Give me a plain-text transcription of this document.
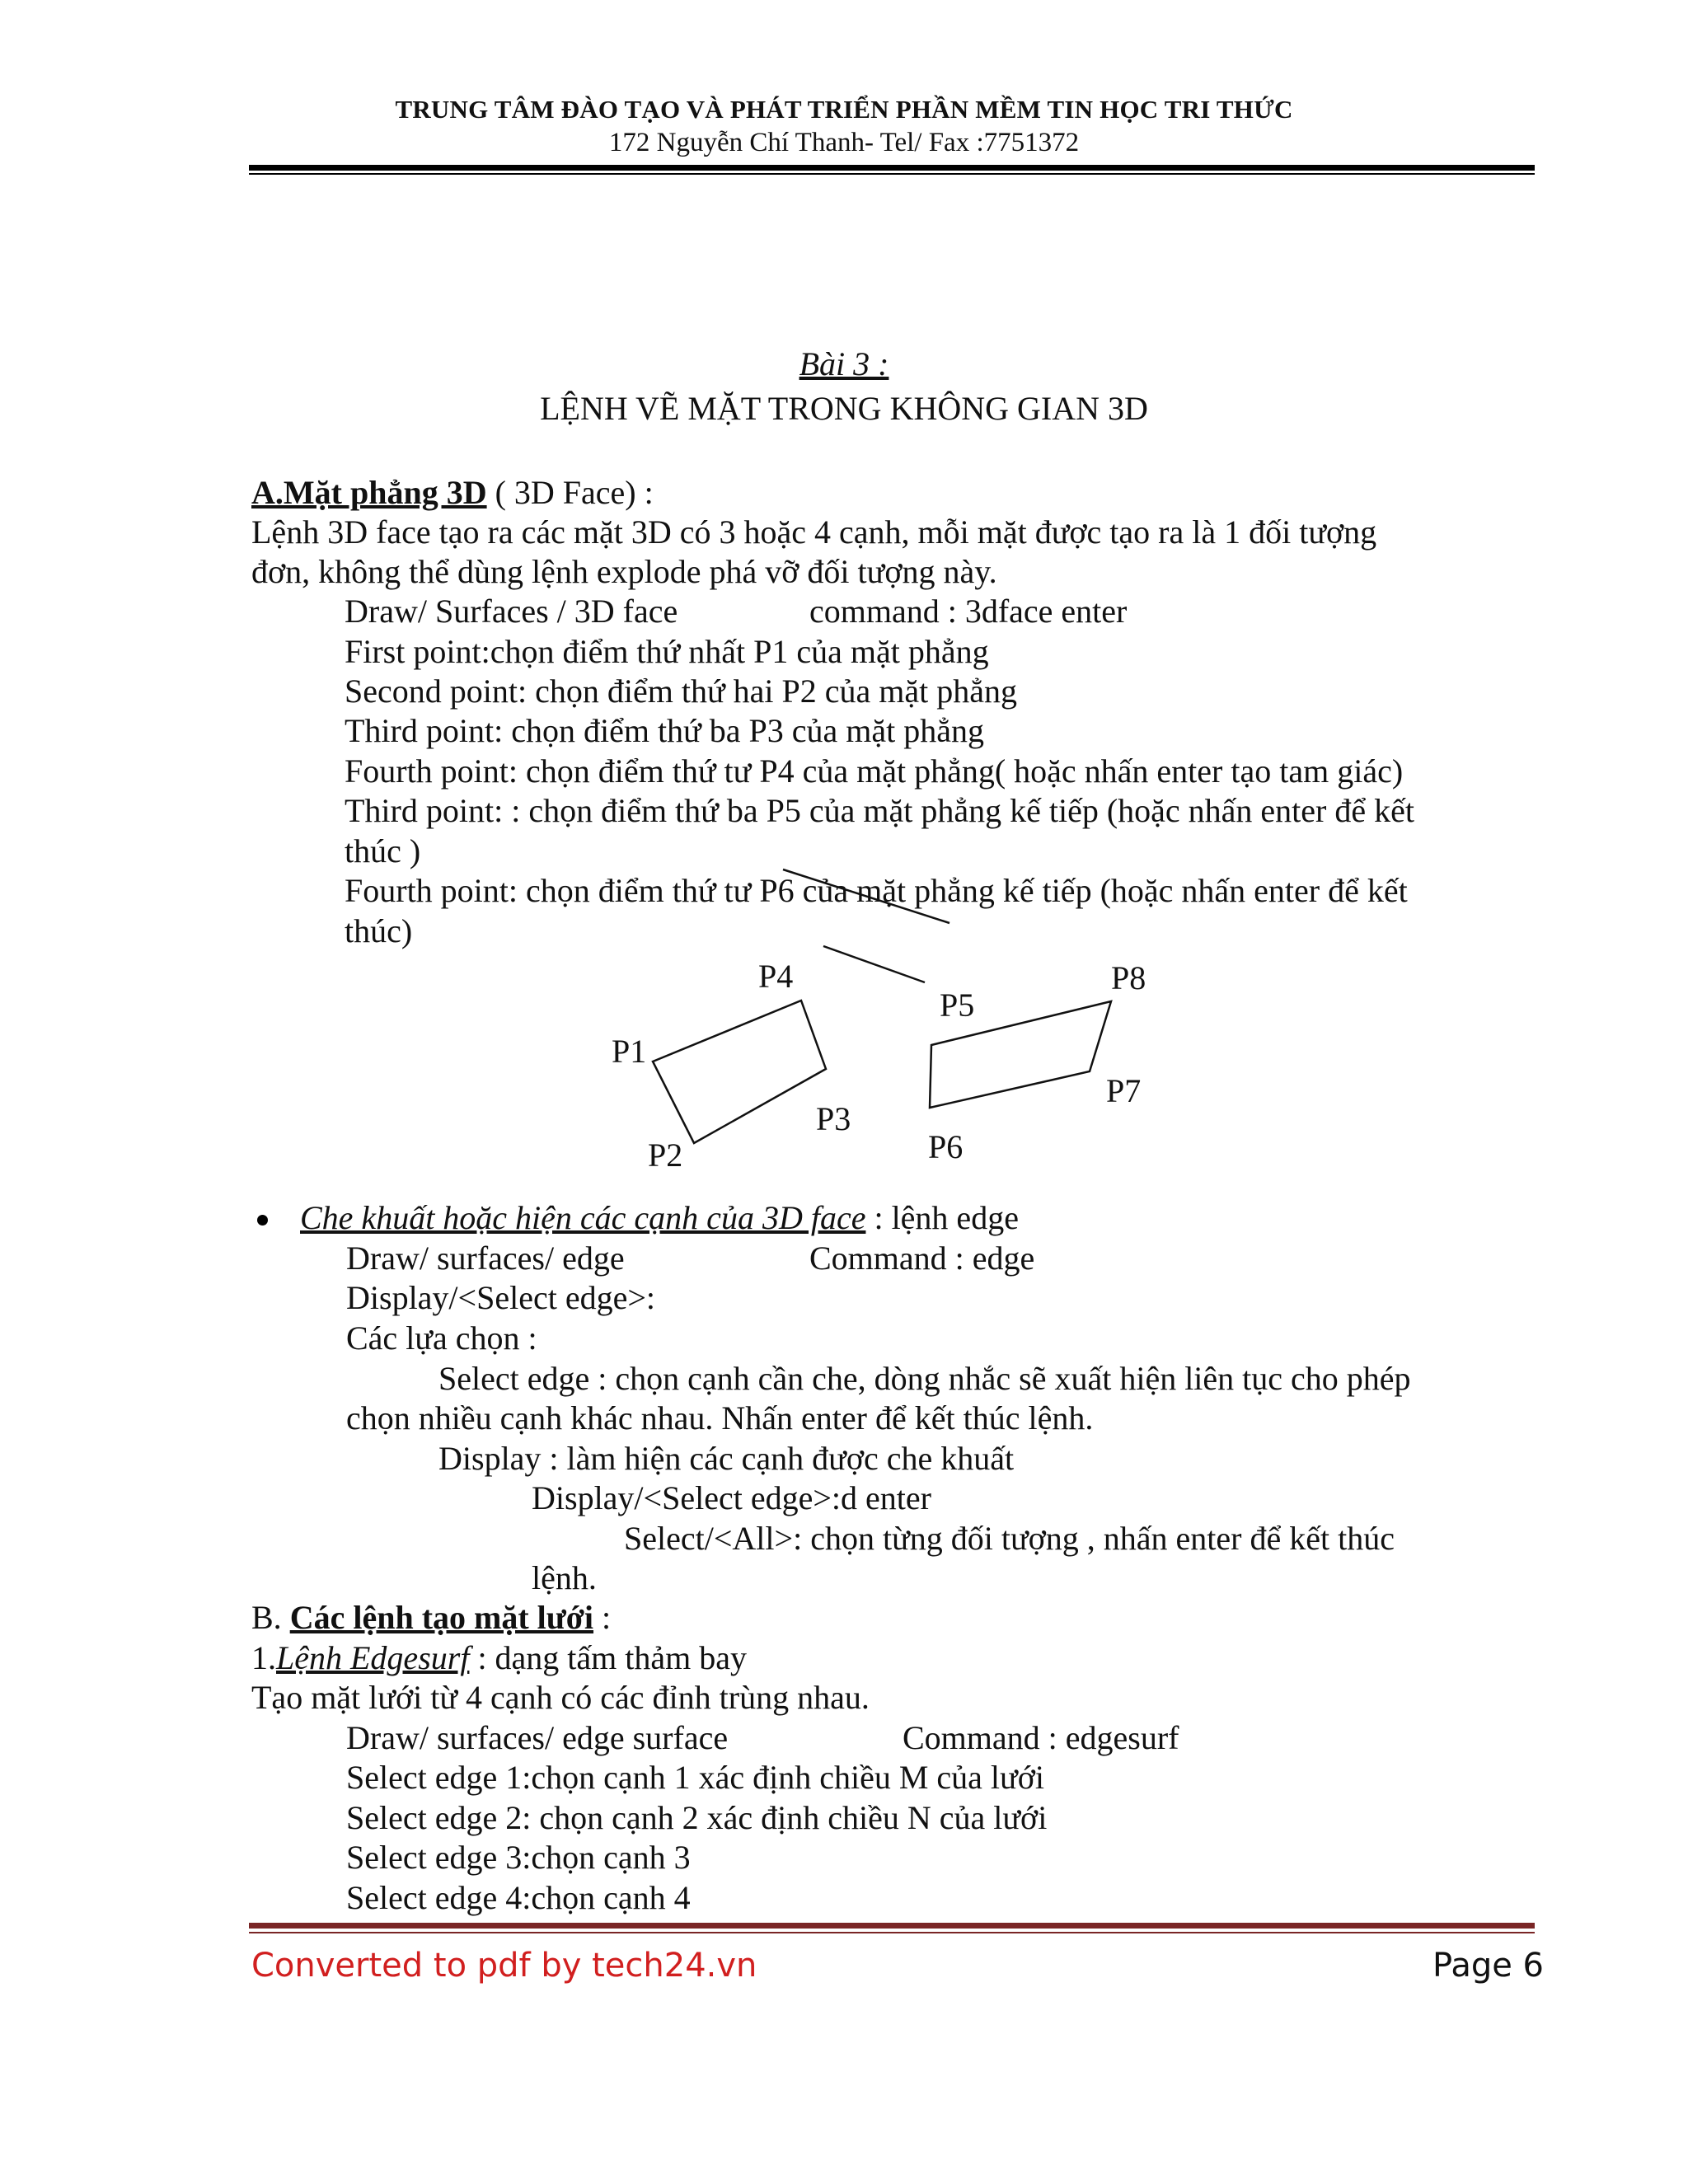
TRUNG TÂM ĐÀO TẠO VÀ PHÁT TRIỂN PHẦN MỀM TIN HỌC TRI THỨC
172 Nguyễn Chí Thanh- Tel/ Fax :7751372
Bài 3 :
LỆNH VẼ MẶT TRONG KHÔNG GIAN 3D
A.Mặt phẳng 3D ( 3D Face) :
Lệnh 3D face tạo ra các mặt 3D có 3 hoặc 4 cạnh, mỗi mặt được tạo ra là 1 đối tượng
đơn, không thể dùng lệnh explode phá vỡ đối tượng này.
Draw/ Surfaces / 3D face	command : 3dface enter
First point:chọn điểm thứ nhất P1 của mặt phẳng
Second point: chọn điểm thứ hai P2 của mặt phẳng
Third point: chọn điểm thứ ba P3 của mặt phẳng
Fourth point: chọn điểm thứ tư P4 của mặt phẳng( hoặc nhấn enter tạo tam giác)
Third point: : chọn điểm thứ ba P5 của mặt phẳng kế tiếp (hoặc nhấn enter để kết
thúc )
Fourth point: chọn điểm thứ tư P6 của mặt phẳng kế tiếp (hoặc nhấn enter để kết
thúc)
P4
P5
P8
P1
P7
P3
P6
P2
Che khuất hoặc hiện các cạnh của 3D face : lệnh edge
Draw/ surfaces/ edge	Command : edge
Display/<Select edge>:
Các lựa chọn :
Select edge : chọn cạnh cần che, dòng nhắc sẽ xuất hiện liên tục cho phép
chọn nhiều cạnh khác nhau. Nhấn enter để kết thúc lệnh.
Display : làm hiện các cạnh được che khuất
Display/<Select edge>:d enter
Select/<All>: chọn từng đối tượng , nhấn enter để kết thúc
lệnh.
B. Các lệnh tạo mặt lưới :
1.Lệnh Edgesurf : dạng tấm thảm bay
Tạo mặt lưới từ 4 cạnh có các đỉnh trùng nhau.
Draw/ surfaces/ edge surface	Command : edgesurf
Select edge 1:chọn cạnh 1 xác định chiều M của lưới
Select edge 2: chọn cạnh 2 xác định chiều N của lưới
Select edge 3:chọn cạnh 3
Select edge 4:chọn cạnh 4
Converted to pdf by tech24.vn	Page 6
